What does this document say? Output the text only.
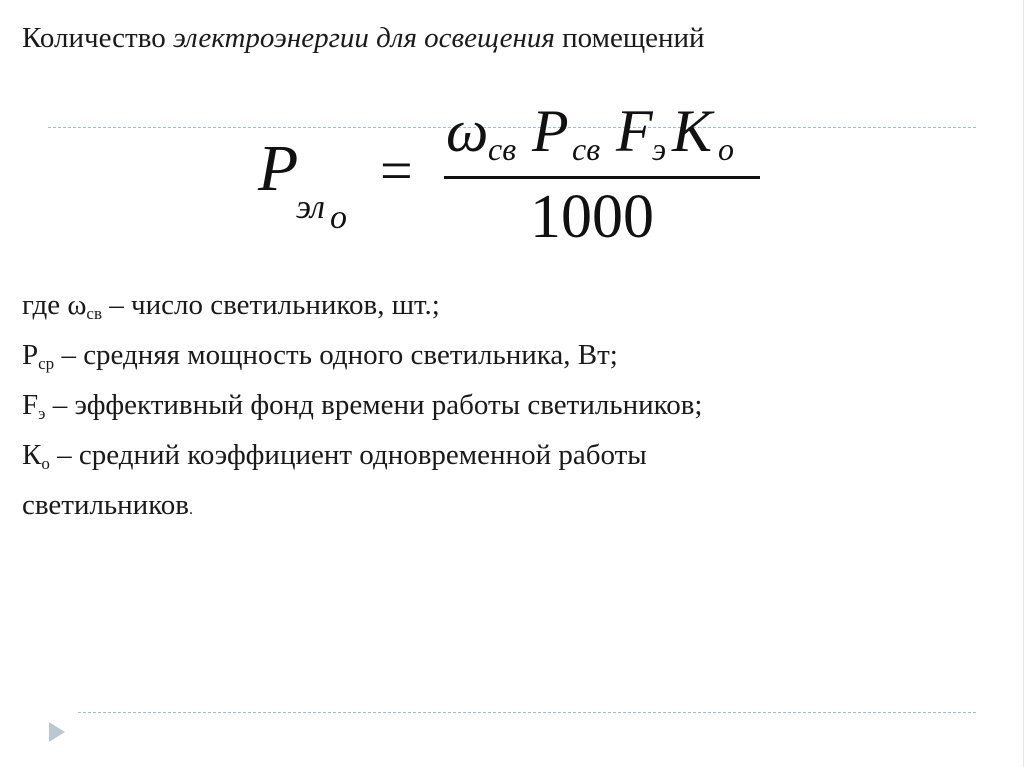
Количество электроэнергии для освещения помещений
P
эл o
=
ω св P св F э K o
1000
где $\omega_{св}$ – число светильников, шт.;
$Р_{ср}$ – средняя мощность одного светильника, Вт;
$F_э$ – эффективный фонд времени работы светильников;
$К_о$ – средний коэффициент одновременной работы
светильников.
